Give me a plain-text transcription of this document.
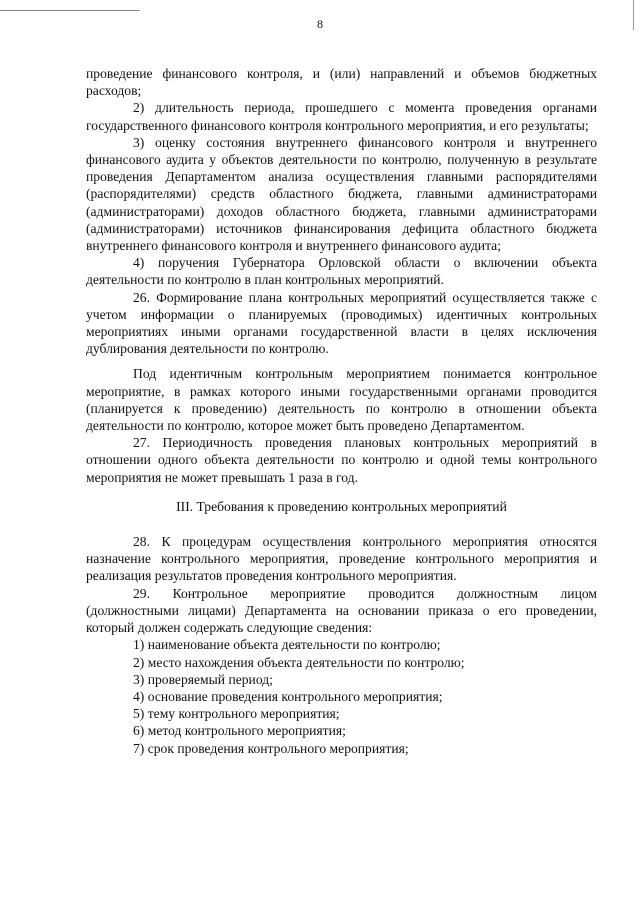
8

проведение финансового контроля, и (или) направлений и объемов бюджетных расходов;

2) длительность периода, прошедшего с момента проведения органами государственного финансового контроля контрольного мероприятия, и его результаты;

3) оценку состояния внутреннего финансового контроля и внутреннего финансового аудита у объектов деятельности по контролю, полученную в результате проведения Департаментом анализа осуществления главными распорядителями (распорядителями) средств областного бюджета, главными администраторами (администраторами) доходов областного бюджета, главными администраторами (администраторами) источников финансирования дефицита областного бюджета внутреннего финансового контроля и внутреннего финансового аудита;

4) поручения Губернатора Орловской области о включении объекта деятельности по контролю в план контрольных мероприятий.

26. Формирование плана контрольных мероприятий осуществляется также с учетом информации о планируемых (проводимых) идентичных контрольных мероприятиях иными органами государственной власти в целях исключения дублирования деятельности по контролю.

Под идентичным контрольным мероприятием понимается контрольное мероприятие, в рамках которого иными государственными органами проводится (планируется к проведению) деятельность по контролю в отношении объекта деятельности по контролю, которое может быть проведено Департаментом.

27. Периодичность проведения плановых контрольных мероприятий в отношении одного объекта деятельности по контролю и одной темы контрольного мероприятия не может превышать 1 раза в год.

III. Требования к проведению контрольных мероприятий

28. К процедурам осуществления контрольного мероприятия относятся назначение контрольного мероприятия, проведение контрольного мероприятия и реализация результатов проведения контрольного мероприятия.

29. Контрольное мероприятие проводится должностным лицом (должностными лицами) Департамента на основании приказа о его проведении, который должен содержать следующие сведения:

1) наименование объекта деятельности по контролю;

2) место нахождения объекта деятельности по контролю;

3) проверяемый период;

4) основание проведения контрольного мероприятия;

5) тему контрольного мероприятия;

6) метод контрольного мероприятия;

7) срок проведения контрольного мероприятия;
